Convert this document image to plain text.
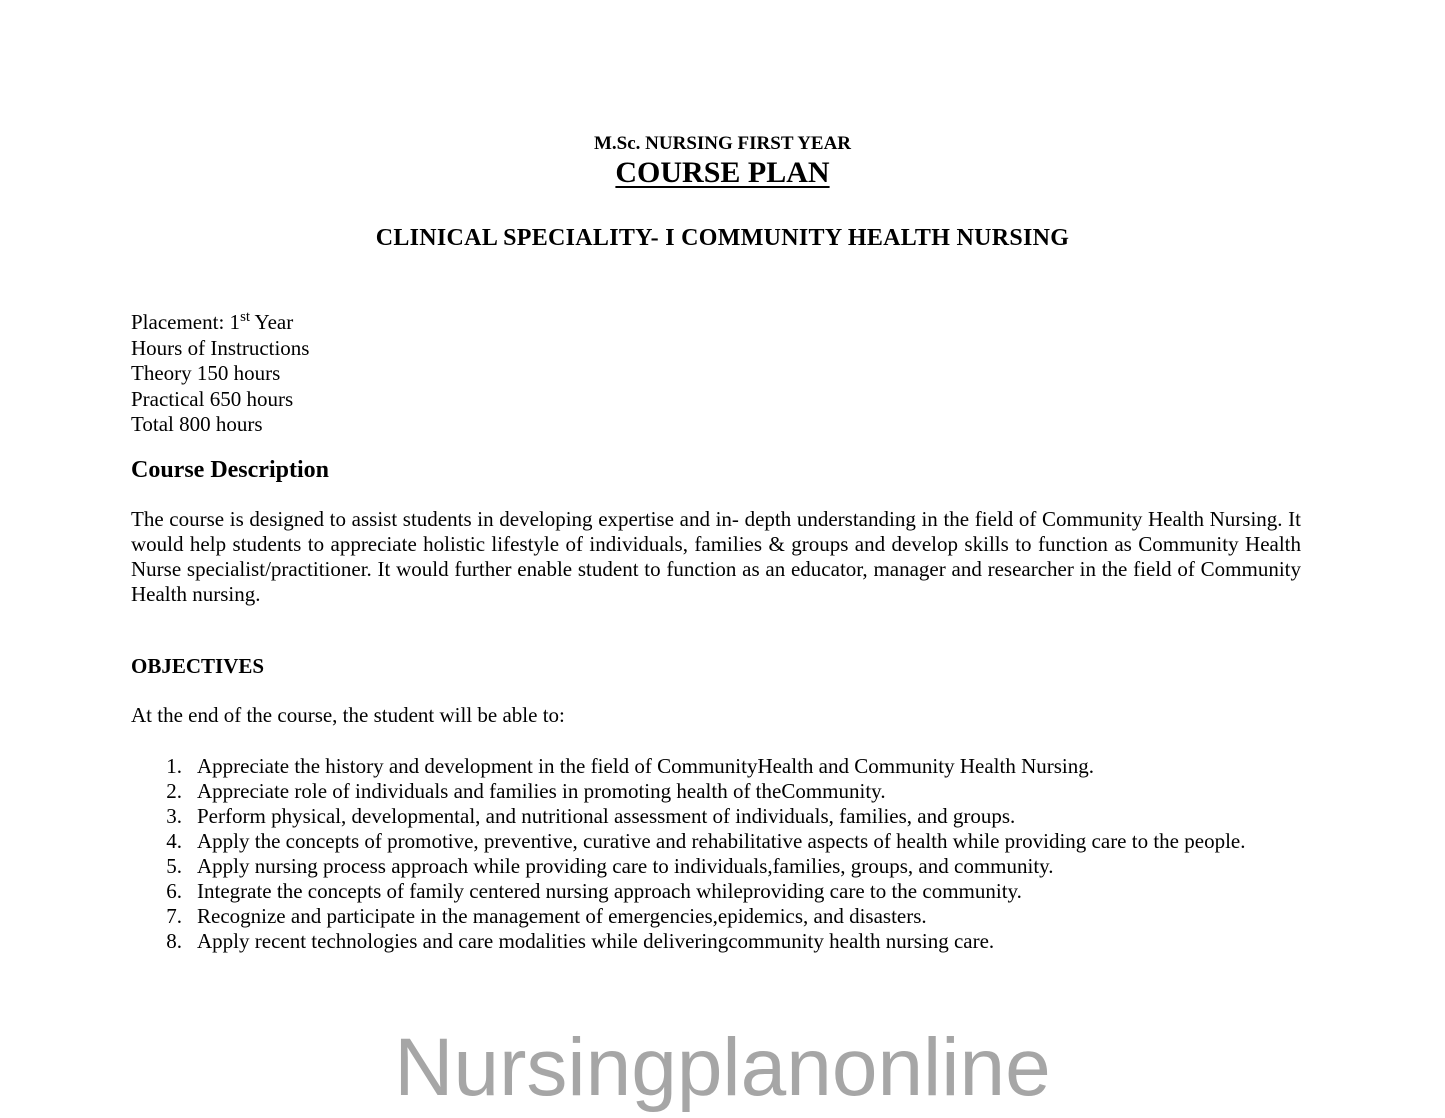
M.Sc. NURSING FIRST YEAR
COURSE PLAN
CLINICAL SPECIALITY- I COMMUNITY HEALTH NURSING
Placement: 1st Year
Hours of Instructions
Theory 150 hours
Practical 650 hours
Total 800 hours
Course Description

The course is designed to assist students in developing expertise and in- depth understanding in the field of Community Health Nursing. It would help students to appreciate holistic lifestyle of individuals, families & groups and develop skills to function as Community Health Nurse specialist/practitioner. It would further enable student to function as an educator, manager and researcher in the field of Community Health nursing.

OBJECTIVES
At the end of the course, the student will be able to:
1. Appreciate the history and development in the field of CommunityHealth and Community Health Nursing.
2. Appreciate role of individuals and families in promoting health of theCommunity.
3. Perform physical, developmental, and nutritional assessment of individuals, families, and groups.
4. Apply the concepts of promotive, preventive, curative and rehabilitative aspects of health while providing care to the people.
5. Apply nursing process approach while providing care to individuals,families, groups, and community.
6. Integrate the concepts of family centered nursing approach whileproviding care to the community.
7. Recognize and participate in the management of emergencies,epidemics, and disasters.
8. Apply recent technologies and care modalities while deliveringcommunity health nursing care.
Nursingplanonline
